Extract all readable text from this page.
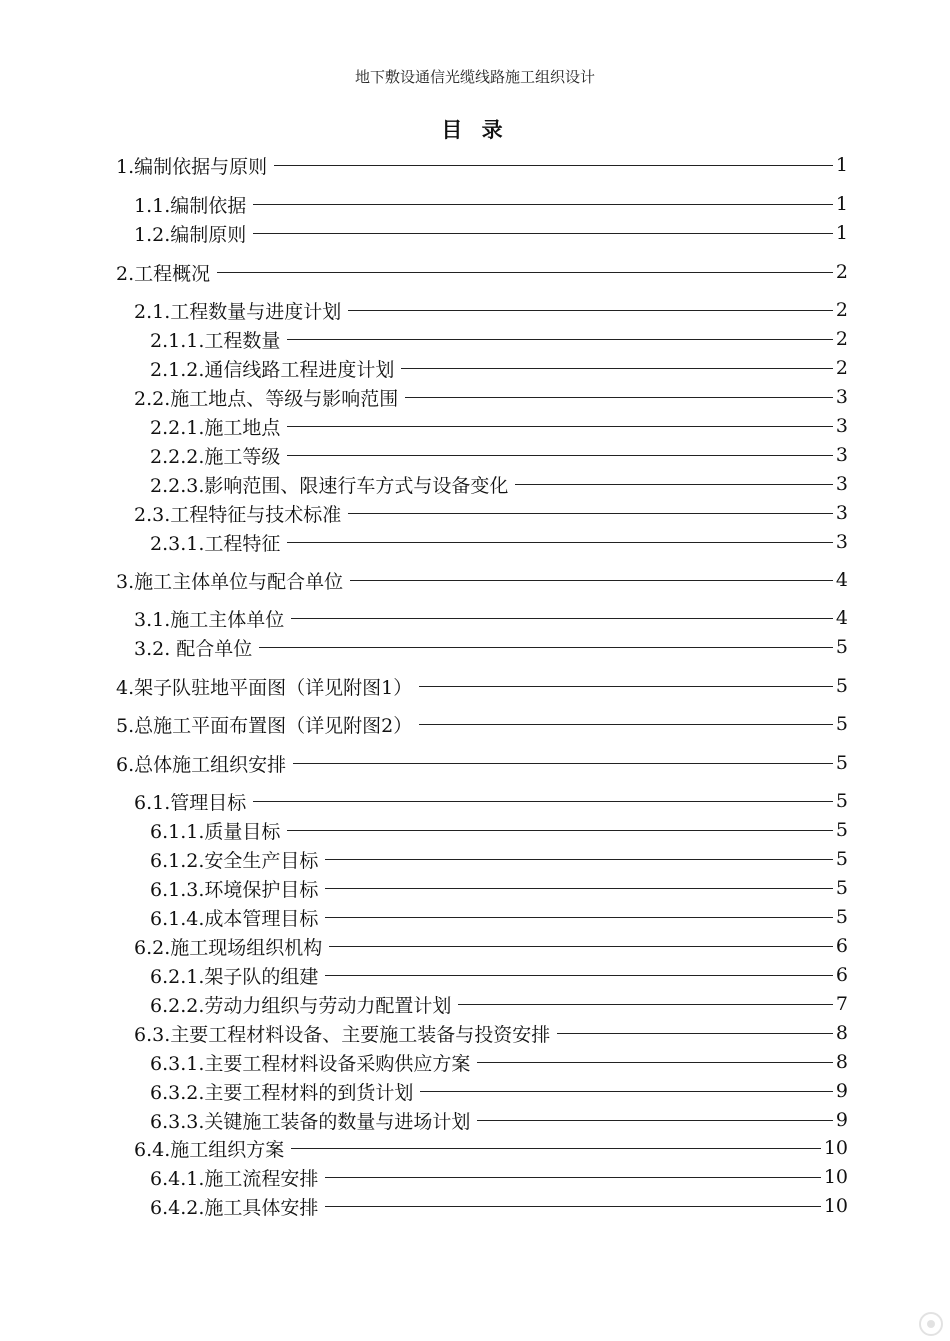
地下敷设通信光缆线路施工组织设计
目 录
1.编制依据与原则	1
1.1.编制依据	1
1.2.编制原则	1
2.工程概况	2
2.1.工程数量与进度计划	2
2.1.1.工程数量	2
2.1.2.通信线路工程进度计划	2
2.2.施工地点、等级与影响范围	3
2.2.1.施工地点	3
2.2.2.施工等级	3
2.2.3.影响范围、限速行车方式与设备变化	3
2.3.工程特征与技术标准	3
2.3.1.工程特征	3
3.施工主体单位与配合单位	4
3.1.施工主体单位	4
3.2. 配合单位	5
4.架子队驻地平面图（详见附图1）	5
5.总施工平面布置图（详见附图2）	5
6.总体施工组织安排	5
6.1.管理目标	5
6.1.1.质量目标	5
6.1.2.安全生产目标	5
6.1.3.环境保护目标	5
6.1.4.成本管理目标	5
6.2.施工现场组织机构	6
6.2.1.架子队的组建	6
6.2.2.劳动力组织与劳动力配置计划	7
6.3.主要工程材料设备、主要施工装备与投资安排	8
6.3.1.主要工程材料设备采购供应方案	8
6.3.2.主要工程材料的到货计划	9
6.3.3.关键施工装备的数量与进场计划	9
6.4.施工组织方案	10
6.4.1.施工流程安排	10
6.4.2.施工具体安排	10
